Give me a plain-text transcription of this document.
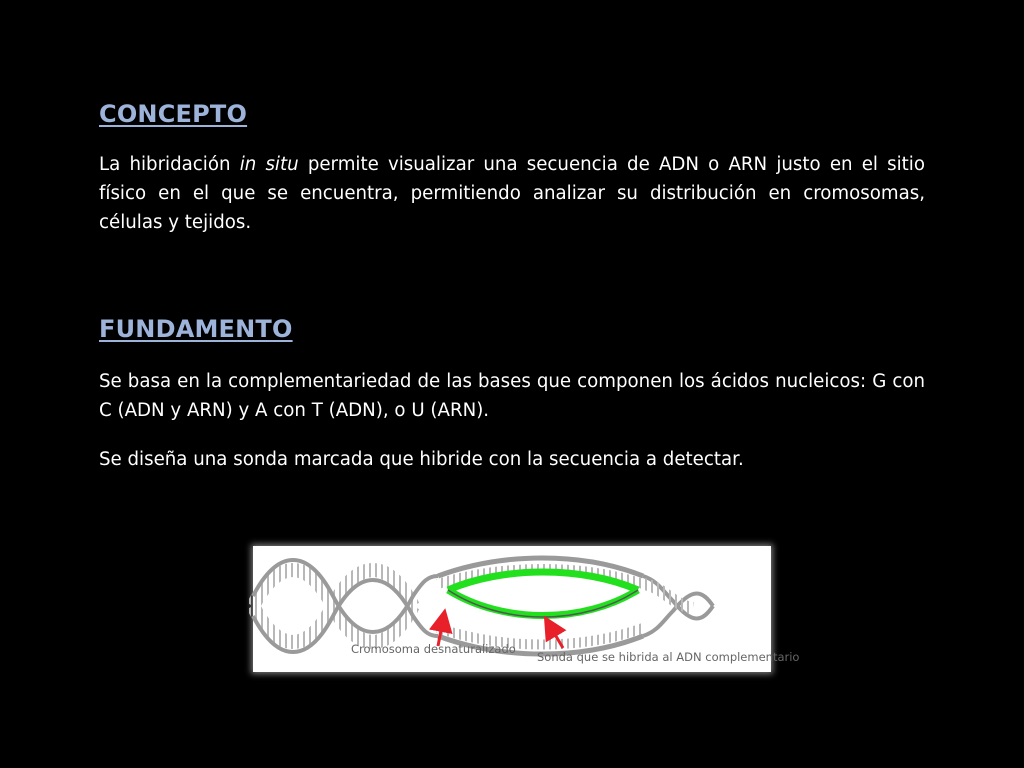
CONCEPTO

La hibridación in situ permite visualizar una secuencia de ADN o ARN justo en el sitio físico en el que se encuentra, permitiendo analizar su distribución en cromosomas, células y tejidos.

FUNDAMENTO

Se basa en la complementariedad de las bases que componen los ácidos nucleicos: G con C (ADN y ARN) y A con T (ADN), o U (ARN).

Se diseña una sonda marcada que hibride con la secuencia a detectar.

Cromosoma desnaturalizado
Sonda que se hibrida al ADN complementario
